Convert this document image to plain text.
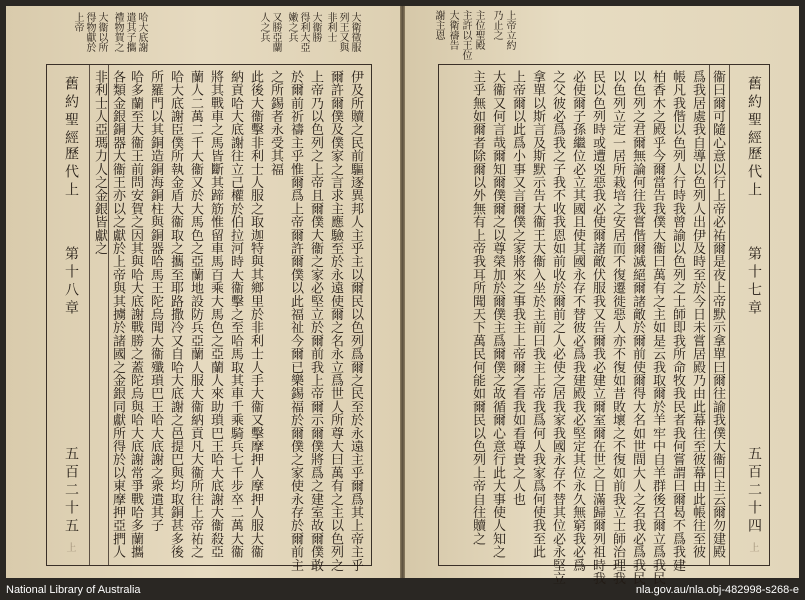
大衛徵服
列王又與
非利士
大衞勝
得利大亞
嫩之兵
又勝亞蘭
人之兵
哈大底謝
遣其子攜
禮物賀之
大衞以所
得物獻於
上帝
伊及所贖之民前驅逐異邦人主乎主以爾民以色列爲爾之民至於永遠主乎爾爲其上帝主乎
爾許爾僕及僕家之言求主應驗至於永遠使爾之名永立爲世人所尊大曰萬有之主以色列之
上帝乃以色列之上帝且爾僕大衞之家必堅立於爾前我上帝爾示爾僕將爲之建室故爾僕敢
於爾前祈禱主乎惟爾爲上帝爾許爾僕以此福祉今爾已樂錫福於爾僕之家使永存於爾前主
之所錫者永受其福
此後大衞擊非利士人服之取迦特與其鄉里於非利士人手大衞又擊摩押人摩押人服大衞
納貢哈大底謝往立己權於伯拉河時大衞擊之至哈馬取其車千乘騎兵七千步卒二萬大衞
將其戰車之馬皆斷其蹄筋惟留車馬百乘大馬色之亞蘭人來助瑣巴王哈大底謝大衞殺亞
蘭人二萬二千大衞又於大馬色之亞蘭地設防兵亞蘭人服大衞納貢凡大衞所往上帝祐之
哈大底謝臣僕所執金盾大衞取之攜至耶路撒冷又自哈大底謝之邑提巴與均取銅甚多後
所羅門以其銅造銅海銅柱與銅器哈馬王陀烏聞大衞殲瑣巴王哈大底謝之衆遣其子
哈多蘭至大衞王前問安賀之因其與哈大底謝戰勝之蓋陀烏與哈大底謝常爭戰哈多蘭攜
各類金銀銅器大衞王亦以之獻於上帝與其擄於諸國之金銀同獻所得於以東摩押亞捫人
非利士人亞瑪力人之金銀皆獻之
舊約聖經
歷代上
第十八章
五百二十五
上
上帝立約
乃止之
主位聖殿
主許以王位
大衛禱告
謝主恩
舊約聖經
歷代上
第十七章
五百二十四
上
衞曰爾可隨心意以行上帝必祐爾是夜上帝默示拿單曰爾往諭我僕大衞曰主云爾勿建殿
爲我居處我自導以色列人出伊及時至於今日未嘗居殿乃由此幕往至彼幕由此帳往至彼
帳凡我偕以色列人行時我曾諭以色列之士師即我所命牧我民者我何嘗謂曰爾曷不爲我建
柏香木之殿乎今爾當告我僕大衞曰萬有之主如是云我取爾於羊牢中自羊群後召爾立爲我民
以色列之君爾無論何往我嘗偕爾滅絕爾諸敵於爾前使爾得大名如世間大人之名我必爲我民
以色列立定一居所栽培之安居而不復遷徙惡人亦不復如昔敗壞之不復如前我立士師治理我
民以色列時或遭兇惡我必使爾諸敵伏服我又告爾我必建立爾室爾在世之日滿歸爾列祖時我
必使爾子孫繼位必立其國且使其國永存不替彼必爲我建殿我必堅定其位永久無窮我必爲
之父彼必爲我之子我不收我恩如前收於爾前之人必使之居我家我國永存不替其位必永堅立
拿單以斯言及斯默示告大衞王大衞入坐於主前曰我主上帝我爲何人我家爲何使我至此
上帝爾以此爲小事又言爾僕之家將來之事我主上帝爾之看我如看尊貴之人也
大衞又何言哉爾知爾僕爾之以尊榮加於爾僕主爲爾僕之故循爾心意行此大事使人知之
主乎無如爾者除爾以外無有上帝我耳所聞天下萬民何能如爾民以色列上帝自往贖之
National Library of Australia	nla.gov.au/nla.obj-482998-s268-e
